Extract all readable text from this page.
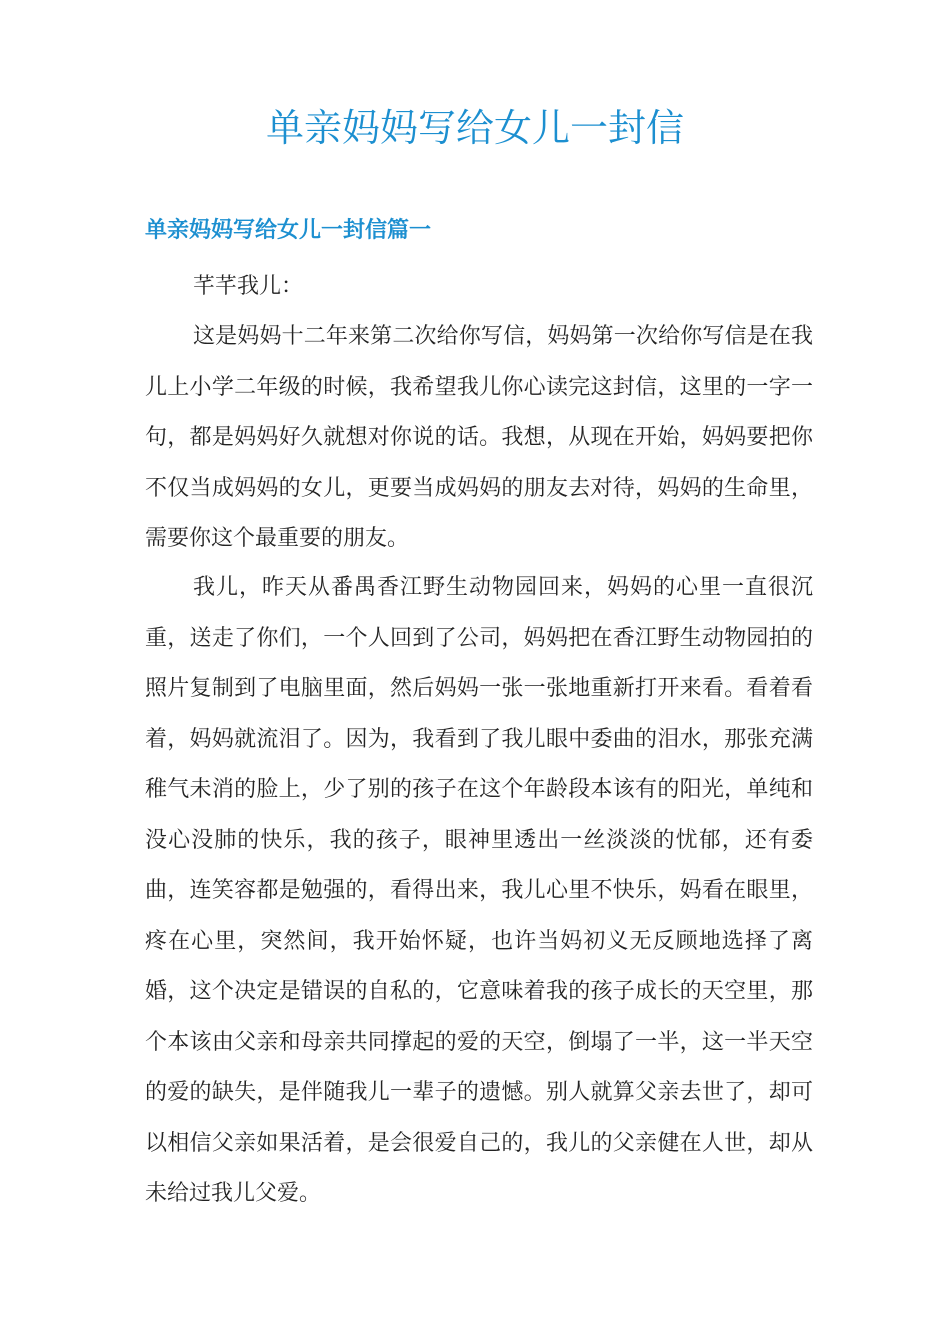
单亲妈妈写给女儿一封信
单亲妈妈写给女儿一封信篇一

芊芊我儿：

这是妈妈十二年来第二次给你写信，妈妈第一次给你写信是在我儿上小学二年级的时候，我希望我儿你心读完这封信，这里的一字一句，都是妈妈好久就想对你说的话。我想，从现在开始，妈妈要把你不仅当成妈妈的女儿，更要当成妈妈的朋友去对待，妈妈的生命里，需要你这个最重要的朋友。

我儿，昨天从番禺香江野生动物园回来，妈妈的心里一直很沉重，送走了你们，一个人回到了公司，妈妈把在香江野生动物园拍的照片复制到了电脑里面，然后妈妈一张一张地重新打开来看。看着看着，妈妈就流泪了。因为，我看到了我儿眼中委曲的泪水，那张充满稚气未消的脸上，少了别的孩子在这个年龄段本该有的阳光，单纯和没心没肺的快乐，我的孩子，眼神里透出一丝淡淡的忧郁，还有委曲，连笑容都是勉强的，看得出来，我儿心里不快乐，妈看在眼里，疼在心里，突然间，我开始怀疑，也许当妈初义无反顾地选择了离婚，这个决定是错误的自私的，它意味着我的孩子成长的天空里，那个本该由父亲和母亲共同撑起的爱的天空，倒塌了一半，这一半天空的爱的缺失，是伴随我儿一辈子的遗憾。别人就算父亲去世了，却可以相信父亲如果活着，是会很爱自己的，我儿的父亲健在人世，却从未给过我儿父爱。
